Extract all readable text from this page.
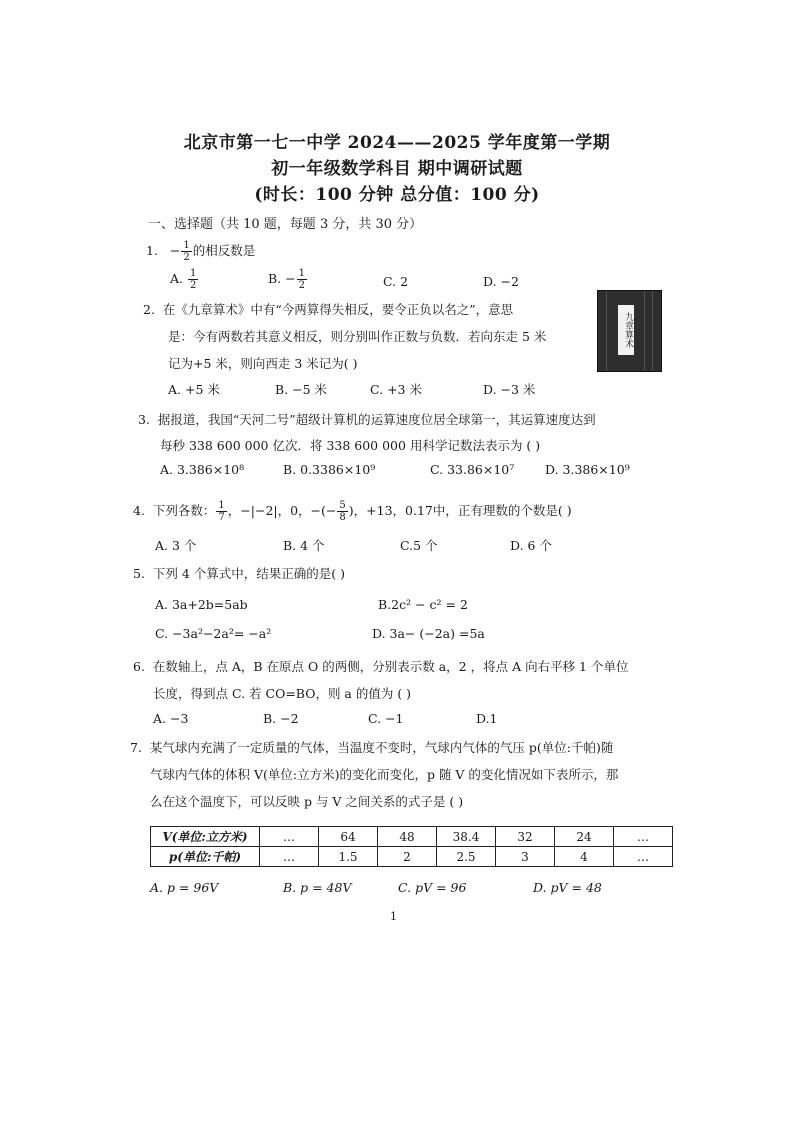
北京市第一七一中学 2024——2025 学年度第一学期
初一年级数学科目 期中调研试题
(时长：100 分钟 总分值：100 分)
一、选择题（共 10 题，每题 3 分，共 30 分）
1. − $\frac{1}{2}$ 的相反数是
A. $\frac{1}{2}$	B. − $\frac{1}{2}$	C. 2	D. −2
2. 在《九章算术》中有“今两算得失相反，要令正负以名之”，意思
是：今有两数若其意义相反，则分别叫作正数与负数．若向东走 5 米
记为+5 米，则向西走 3 米记为( )
九章算术
A. +5 米	B. −5 米	C. +3 米	D. −3 米
3. 据报道，我国“天河二号”超级计算机的运算速度位居全球第一，其运算速度达到
每秒 338 600 000 亿次．将 338 600 000 用科学记数法表示为 ( )
A. 3.386×10⁸	B. 0.3386×10⁹	C. 33.86×10⁷ D. 3.386×10⁹
4. 下列各数： $\frac{1}{7}$ ，−|−2|，0，−(− $\frac{5}{8}$ )，+13，0.17中，正有理数的个数是( )
A. 3 个	B. 4 个	C.5 个	D. 6 个
5. 下列 4 个算式中，结果正确的是( )
A. 3a+2b=5ab	B.2c² − c² = 2
C. −3a²−2a²= −a²	D. 3a− (−2a) =5a
6. 在数轴上，点 A，B 在原点 O 的两侧，分别表示数 a，2 ，将点 A 向右平移 1 个单位
长度，得到点 C. 若 CO=BO，则 a 的值为 ( )
A. −3	B. −2	C. −1	D.1
7. 某气球内充满了一定质量的气体，当温度不变时，气球内气体的气压 p(单位:千帕)随
气球内气体的体积 V(单位:立方米)的变化而变化，p 随 V 的变化情况如下表所示，那
么在这个温度下，可以反映 p 与 V 之间关系的式子是 ( )
V(单位:立方米)	…	64	48	38.4	32	24	…
p(单位:千帕)	…	1.5	2	2.5	3	4	…
A. p = 96V	B. p = 48V	C. pV = 96	D. pV = 48
1
